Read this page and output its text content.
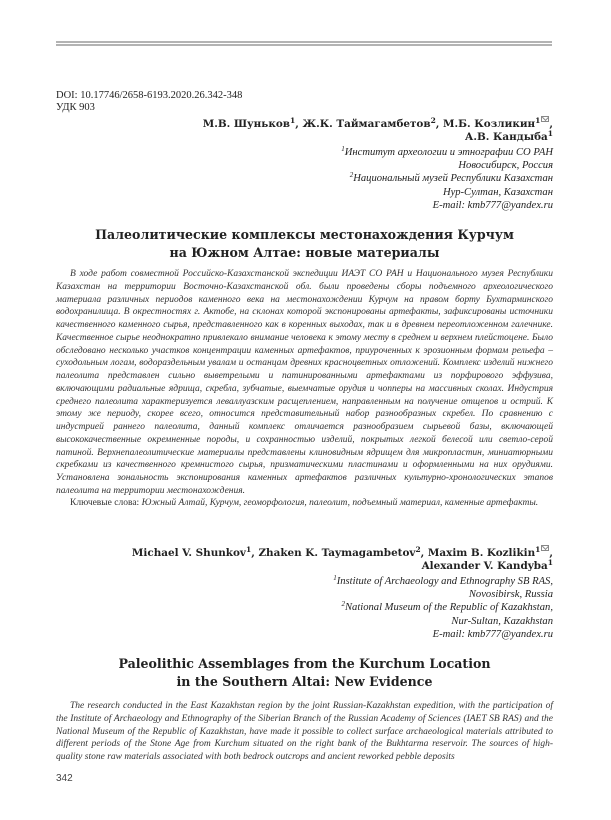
DOI: 10.17746/2658-6193.2020.26.342-348
УДК 903
М.В. Шуньков$^1$, Ж.К. Таймагамбетов$^2$, М.Б. Козликин$^1$ ,
А.В. Кандыба$^1$
$^1$Институт археологии и этнографии СО РАН
Новосибирск, Россия
$^2$Национальный музей Республики Казахстан
Нур-Султан, Казахстан
E-mail: kmb777@yandex.ru
Палеолитические комплексы местонахождения Курчум
на Южном Алтае: новые материалы

В ходе работ совместной Российско-Казахстанской экспедиции ИАЭТ СО РАН и Национального музея Республики Казахстан на территории Восточно-Казахстанской обл. были проведены сборы подъемного археологического материала различных периодов каменного века на местонахождении Курчум на правом борту Бухтарминского водохранилища. В окрестностях г. Актобе, на склонах которой экспонированы артефакты, зафиксированы источники качественного каменного сырья, представленного как в коренных выходах, так и в древнем переотложенном галечнике. Качественное сырье неоднократно привлекало внимание человека к этому месту в среднем и верхнем плейстоцене. Было обследовано несколько участков концентрации каменных артефактов, приуроченных к эрозионным формам рельефа – суходольным логам, водораздельным увалам и останцам древних красноцветных отложений. Комплекс изделий нижнего палеолита представлен сильно выветрелыми и патинированными артефактами из порфирового эффузива, включающими радиальные ядрища, скребла, зубчатые, выемчатые орудия и чопперы на массивных сколах. Индустрия среднего палеолита характеризуется леваллуазским расщеплением, направленным на получение отщепов и острий. К этому же периоду, скорее всего, относится представительный набор разнообразных скребел. По сравнению с индустрией раннего палеолита, данный комплекс отличается разнообразием сырьевой базы, включающей высококачественные окремненные породы, и сохранностью изделий, покрытых легкой белесой или светло-серой патиной. Верхнепалеолитические материалы представлены клиновидным ядрищем для микропластин, миниатюрными скребками из качественного кремнистого сырья, призматическими пластинами и оформленными на них орудиями. Установлена зональность экспонирования каменных артефактов различных культурно-хронологических этапов палеолита на территории местонахождения.

Ключевые слова: Южный Алтай, Курчум, геоморфология, палеолит, подъемный материал, каменные артефакты.
Michael V. Shunkov$^1$, Zhaken K. Taymagambetov$^2$, Maxim B. Kozlikin$^1$ ,
Alexander V. Kandyba$^1$
$^1$Institute of Archaeology and Ethnography SB RAS,
Novosibirsk, Russia
$^2$National Museum of the Republic of Kazakhstan,
Nur-Sultan, Kazakhstan
E-mail: kmb777@yandex.ru
Paleolithic Assemblages from the Kurchum Location
in the Southern Altai: New Evidence

The research conducted in the East Kazakhstan region by the joint Russian-Kazakhstan expedition, with the participation of the Institute of Archaeology and Ethnography of the Siberian Branch of the Russian Academy of Sciences (IAET SB RAS) and the National Museum of the Republic of Kazakhstan, have made it possible to collect surface archaeological materials attributed to different periods of the Stone Age from Kurchum situated on the right bank of the Bukhtarma reservoir. The sources of high-quality stone raw materials associated with both bedrock outcrops and ancient reworked pebble deposits

342
